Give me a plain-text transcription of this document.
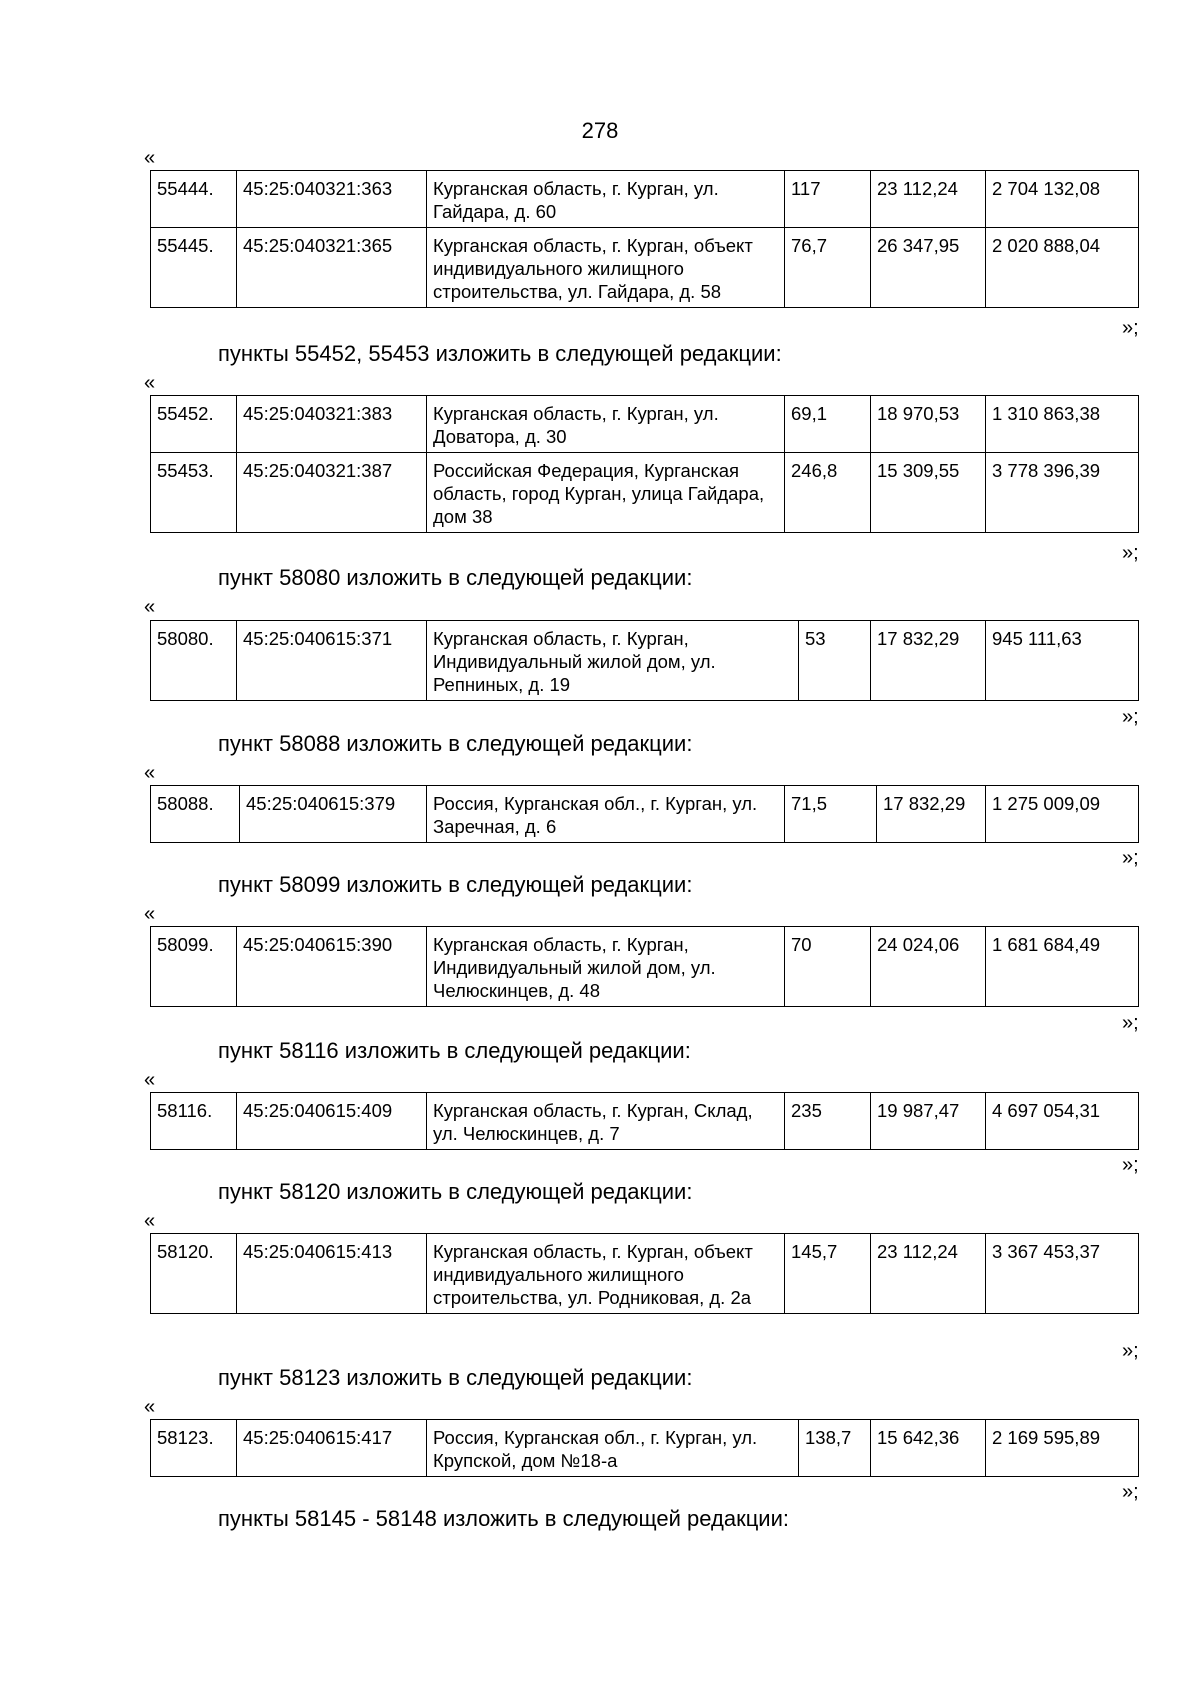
278
«
55444.	45:25:040321:363	Курганская область, г. Курган, ул. Гайдара, д. 60	117	23 112,24	2 704 132,08
55445.	45:25:040321:365	Курганская область, г. Курган, объект индивидуального жилищного строительства, ул. Гайдара, д. 58	76,7	26 347,95	2 020 888,04
»;
пункты 55452, 55453 изложить в следующей редакции:
«
55452.	45:25:040321:383	Курганская область, г. Курган, ул. Доватора, д. 30	69,1	18 970,53	1 310 863,38
55453.	45:25:040321:387	Российская Федерация, Курганская область, город Курган, улица Гайдара, дом 38	246,8	15 309,55	3 778 396,39
»;
пункт 58080 изложить в следующей редакции:
«
58080.	45:25:040615:371	Курганская область, г. Курган, Индивидуальный жилой дом, ул. Репниных, д. 19	53	17 832,29	945 111,63
»;
пункт 58088 изложить в следующей редакции:
«
58088.	45:25:040615:379	Россия, Курганская обл., г. Курган, ул. Заречная, д. 6	71,5	17 832,29	1 275 009,09
»;
пункт 58099 изложить в следующей редакции:
«
58099.	45:25:040615:390	Курганская область, г. Курган, Индивидуальный жилой дом, ул. Челюскинцев, д. 48	70	24 024,06	1 681 684,49
»;
пункт 58116 изложить в следующей редакции:
«
58116.	45:25:040615:409	Курганская область, г. Курган, Склад, ул. Челюскинцев, д. 7	235	19 987,47	4 697 054,31
»;
пункт 58120 изложить в следующей редакции:
«
58120.	45:25:040615:413	Курганская область, г. Курган, объект индивидуального жилищного строительства, ул. Родниковая, д. 2а	145,7	23 112,24	3 367 453,37
»;
пункт 58123 изложить в следующей редакции:
«
58123.	45:25:040615:417	Россия, Курганская обл., г. Курган, ул. Крупской, дом №18-а	138,7	15 642,36	2 169 595,89
»;
пункты 58145 - 58148 изложить в следующей редакции:
